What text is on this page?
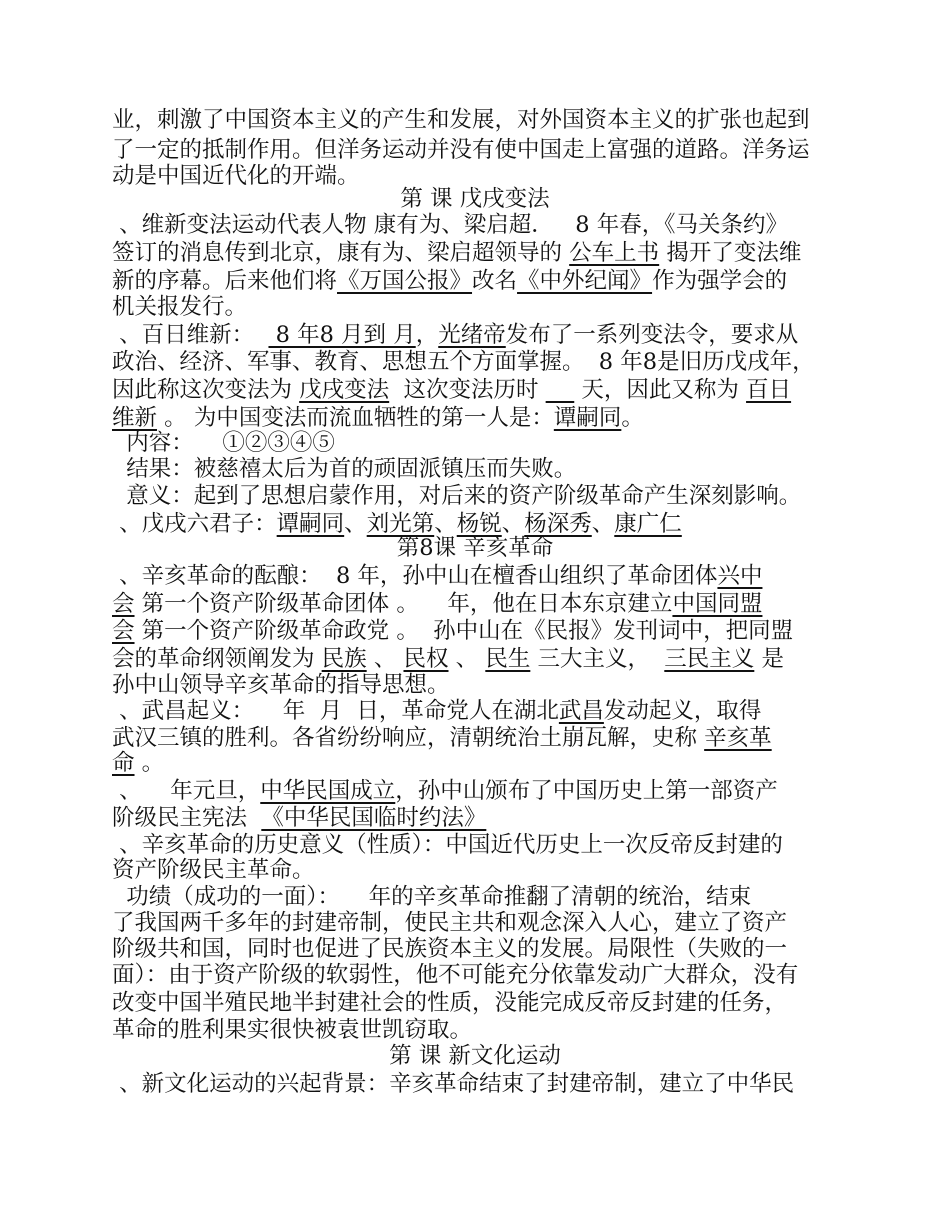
业，刺激了中国资本主义的产生和发展，对外国资本主义的扩张也起到
了一定的抵制作用。但洋务运动并没有使中国走上富强的道路。洋务运
动是中国近代化的开端。
第 课 戊戌变法
、维新变法运动代表人物 康有为、梁启超．   8 年春，《马关条约》
签订的消息传到北京，康有为、梁启超领导的 公车上书 揭开了变法维
新的序幕。后来他们将《万国公报》改名《中外纪闻》作为强学会的
机关报发行。
、百日维新：   8 年8 月到 月，光绪帝发布了一系列变法令，要求从
政治、经济、军事、教育、思想五个方面掌握。  8 年8是旧历戊戌年，
因此称这次变法为 戊戌变法  这次变法历时      天，因此又称为 百日
维新 。 为中国变法而流血牺牲的第一人是：谭嗣同。
内容：    ①②③④⑤
结果：被慈禧太后为首的顽固派镇压而失败。
意义：起到了思想启蒙作用，对后来的资产阶级革命产生深刻影响。
、戊戌六君子：谭嗣同、刘光第、杨锐、杨深秀、康广仁
第8课 辛亥革命
、辛亥革命的酝酿：  8 年，孙中山在檀香山组织了革命团体兴中
会 第一个资产阶级革命团体 。    年，他在日本东京建立中国同盟
会 第一个资产阶级革命政党 。  孙中山在《民报》发刊词中，把同盟
会的革命纲领阐发为 民族 、 民权 、 民生 三大主义，  三民主义 是
孙中山领导辛亥革命的指导思想。
、武昌起义：    年  月  日，革命党人在湖北武昌发动起义，取得
武汉三镇的胜利。各省纷纷响应，清朝统治土崩瓦解，史称 辛亥革
命 。
、    年元旦，中华民国成立，孙中山颁布了中国历史上第一部资产
阶级民主宪法  《中华民国临时约法》
、辛亥革命的历史意义（性质）：中国近代历史上一次反帝反封建的
资产阶级民主革命。
功绩（成功的一面）：    年的辛亥革命推翻了清朝的统治，结束
了我国两千多年的封建帝制，使民主共和观念深入人心，建立了资产
阶级共和国，同时也促进了民族资本主义的发展。局限性（失败的一
面）：由于资产阶级的软弱性，他不可能充分依靠发动广大群众，没有
改变中国半殖民地半封建社会的性质，没能完成反帝反封建的任务，
革命的胜利果实很快被袁世凯窃取。
第 课 新文化运动
、新文化运动的兴起背景：辛亥革命结束了封建帝制，建立了中华民
